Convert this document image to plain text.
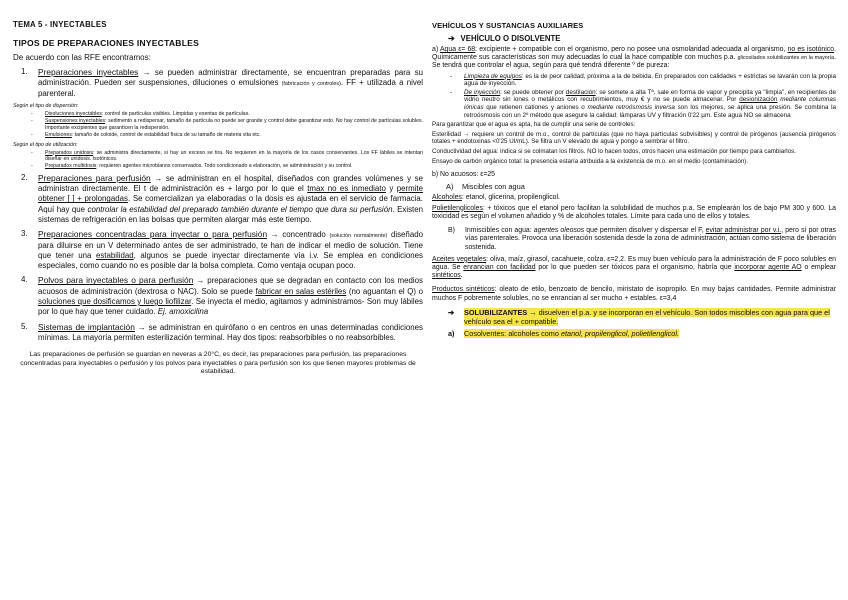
TEMA 5 - INYECTABLES
TIPOS DE PREPARACIONES INYECTABLES
De acuerdo con las RFE encontramos:
1.	Preparaciones inyectables → se pueden administrar directamente, se encuentran preparadas para su administración. Pueden ser suspensiones, diluciones o emulsiones (fabricación y controles). FF + utilizada a nivel parenteral.
Según el tipo de dispersión:
-	Disoluciones inyectables: control de partículas visibles. Limpidas y exentas de partículas.
-	Suspensiones inyectables: sedimento a redispersar, tamaño de partícula no puede ser grande y control debe garantizar esto. No hay control de partículas solubles. Importante excipientes que garanticen la redispersión.
-	Emulsiones: tamaño de coloide, control de estabilidad física de su tamaño de materia vita etc.
Según el tipo de utilización:
-	Preparados unidosis: se administra directamente, si hay un exceso se tira. No requieren en la mayoría de los casos conservantes. Los FF lábiles se intentan diseñar en unidosis. Isotónicos.
-	Preparados multidosis: requieren agentes microbianos conservados. Todo condicionado a elaboración, se administración y su control.
2.	Preparaciones para perfusión → se administran en el hospital, diseñados con grandes volúmenes y se administran directamente. El t de administración es + largo por lo que el tmax no es inmediato y permite obtener [ ] + prolongadas. Se comercializan ya elaboradas o la dosis es ajustada en el servicio de farmacia. Aquí hay que controlar la estabilidad del preparado también durante el tiempo que dura su perfusión. Existen sistemas de refrigeración en las bolsas que permiten alargar más este tiempo.
3.	Preparaciones concentradas para inyectar o para perfusión → concentrado (solución normalmente) diseñado para diluirse en un V determinado antes de ser administrado, te han de indicar el medio de solución. Tiene que tener una estabilidad, algunos se puede inyectar directamente vía i.v. Se emplea en condiciones especiales, como cuando no es posible dar la bolsa completa. Como ventaja ocupan poco.
4.	Polvos para inyectables o para perfusión → preparaciones que se degradan en contacto con los medios acuosos de administración (dextrosa o NAC). Solo se puede fabricar en salas estériles (no aguantan el Q) o soluciones que dosificamos y luego liofilizar. Se inyecta el medio, agitamos y administramos- Son muy lábiles por lo que hay que tener cuidado. Ej. amoxicilina
5.	Sistemas de implantación → se administran en quirófano o en centros en unas determinadas condiciones mínimas. La mayoría permiten esterilización terminal. Hay dos tipos: reabsorbibles o no reabsorbibles.
Las preparaciones de perfusión se guardan en neveras a 20°C, es decir, las preparaciones para perfusión, las preparaciones concentradas para inyectables o perfusión y los polvos para inyectables o para perfusión son los que tienen mayores problemas de estabilidad.
VEHÍCULOS Y SUSTANCIAS AUXILIARES
➔ VEHÍCULO O DISOLVENTE
a) Agua ε= 68: excipiente + compatible con el organismo, pero no posee una osmolaridad adecuada al organismo, no es isotónico. Químicamente sus características son muy adecuadas lo cual la hace compatible con muchos p.a. glicosilados solubilizantes en la mayoría. Se tendrá que controlar el agua, según para qué tendrá diferente º de pureza:
-	Limpieza de equipos: es la de peor calidad, próxima a la de bebida. En preparados con calidades + estrictas se lavarán con la propia agua de inyección.
-	De inyección: se puede obtener por destilación: se somete a alta Tª, sale en forma de vapor y precipita ya "limpia", en recipientes de vidrio neutro sin iones o metálicos con recubrimientos, muy € y no se puede almacenar. Por desionización mediante columnas iónicas que retienen cationes y aniones o mediante retroósmosis inversa son los mejores, se aplica una presión. Se combina la retroósmosis con un 2º método que asegure la calidad: lámparas UV y filtración 0'22 µm. Este agua NO se almacena
Para garantizar que el agua es apta, ha de cumplir una serie de controles:
Esterilidad → requiere un control de m.o., control de partículas (que no haya partículas subvisibles) y control de pirógenos (ausencia pirógenos totales + endotoxinas <0'25 UI/mL). Se filtra un V elevado de agua y pongo a sembrar el filtro.
Conductividad del agua: indica si se colmatan los filtros. NO lo hacen todos, otros hacen una estimación por tiempo para cambiarlos.
Ensayo de carbón orgánico total: la presencia estaría atribuida a la existencia de m.o. en el medio (contaminación).
b) No acuosos: ε=25
A)	Miscibles con agua
Alcoholes: etanol, glicerina, propilenglicol.
Polietilenglicoles: + tóxicos que el etanol pero facilitan la solubilidad de muchos p.a. Se emplearán los de bajo PM 300 y 600. La toxicidad es según el volumen añadido y % de alcoholes totales. Límite para cada uno de ellos y totales.
B)	Inmiscibles con agua: agentes oleosos que permiten disolver y dispersar el F, evitar administrar por v.i., pero sí por otras vías parenterales. Provoca una liberación sostenida desde la zona de administración, actúan como sistema de liberación sostenida.
Aceites vegetales: oliva, maíz, girasol, cacahuete, colza. ε=2,2. Es muy buen vehículo para la administración de F poco solubles en agua. Se enrancian con facilidad por lo que pueden ser tóxicos para el organismo, habría que incorporar agente AO o emplear sintéticos.
Productos sintéticos: oleato de etilo, benzoato de bencilo, miristato de isopropilo. En muy bajas cantidades. Permite administrar muchos F pobremente solubles, no se enrancian al ser mucho + estables. ε=3,4
➔	SOLUBILIZANTES → disuelven el p.a. y se incorporan en el vehículo. Son todos miscibles con agua para que el vehículo sea el + compatible.
a)	Cosolventes: alcoholes como etanol, propilenglicol, polietilenglicol.
